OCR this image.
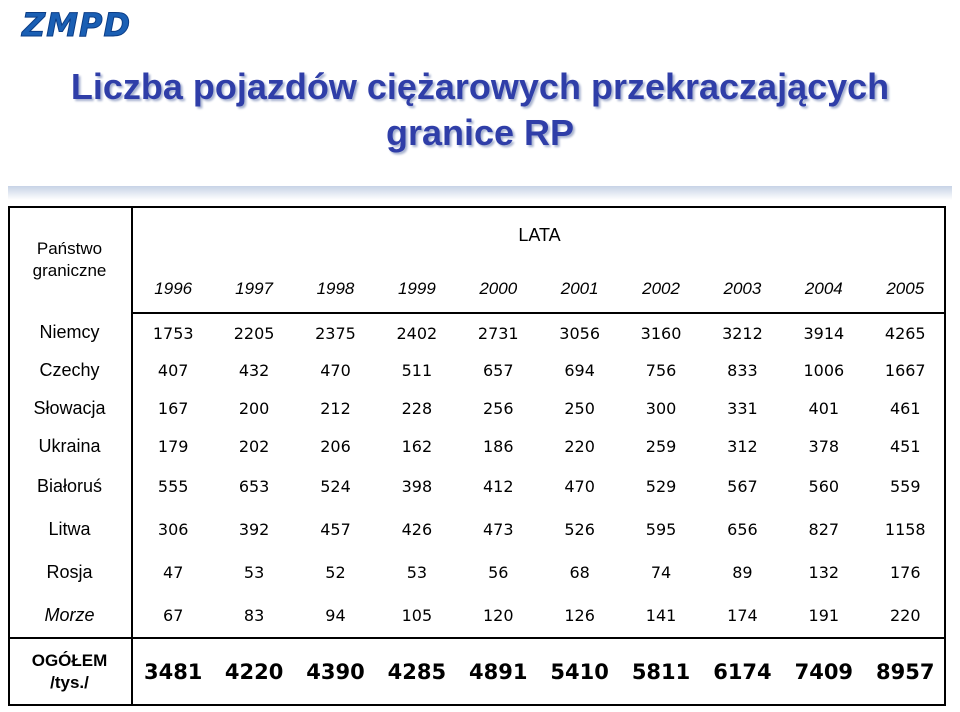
ZMPD
Liczba pojazdów ciężarowych przekraczających
granice RP
Państwo
graniczne	LATA									
	1996	1997	1998	1999	2000	2001	2002	2003	2004	2005
Niemcy	1753	2205	2375	2402	2731	3056	3160	3212	3914	4265
Czechy	407	432	470	511	657	694	756	833	1006	1667
Słowacja	167	200	212	228	256	250	300	331	401	461
Ukraina	179	202	206	162	186	220	259	312	378	451
Białoruś	555	653	524	398	412	470	529	567	560	559
Litwa	306	392	457	426	473	526	595	656	827	1158
Rosja	47	53	52	53	56	68	74	89	132	176
Morze	67	83	94	105	120	126	141	174	191	220

OGÓŁEM
/tys./	3481	4220	4390	4285	4891	5410	5811	6174	7409	8957
